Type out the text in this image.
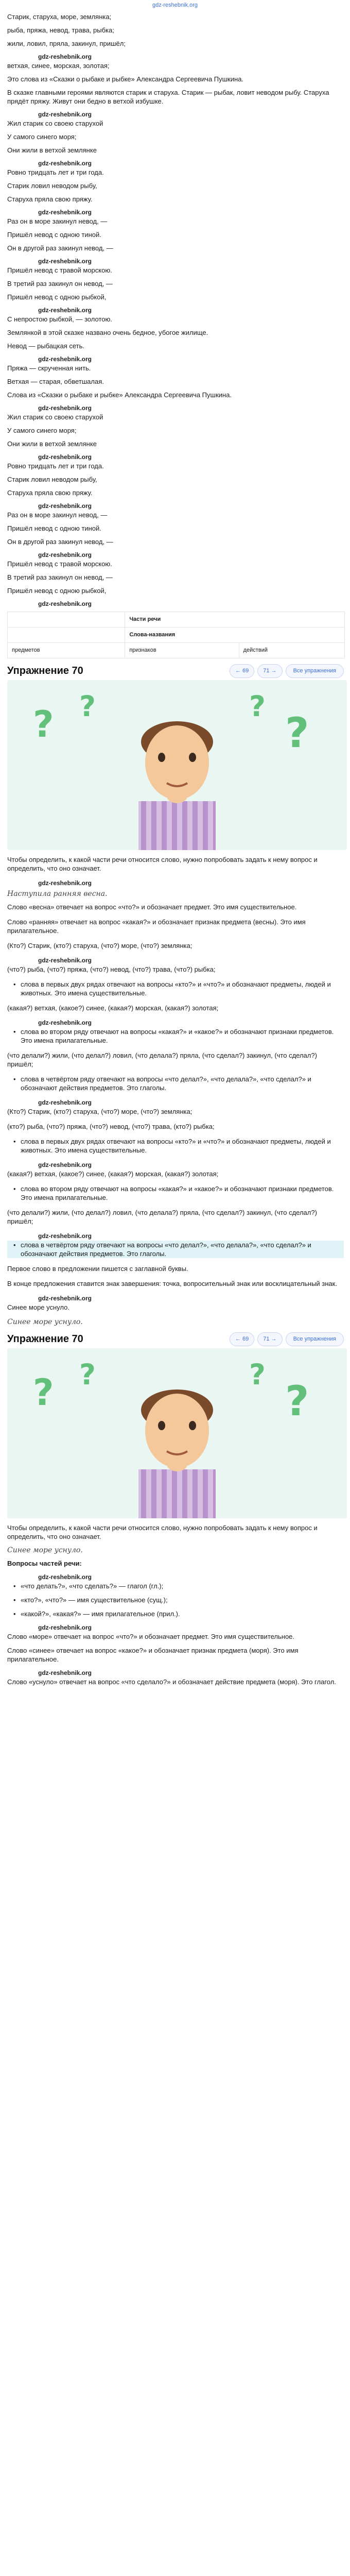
gdz-reshebnik.org
Старик, старуха, море, землянка;
рыба, пряжа, невод, трава, рыбка;
жили, ловил, пряла, закинул, пришёл;
gdz-reshebnik.org
ветхая, синее, морская, золотая;
Это слова из «Сказки о рыбаке и рыбке» Александра Сергеевича Пушкина.
В сказке главными героями являются старик и старуха. Старик — рыбак, ловит неводом рыбу. Старуха прядёт пряжу. Живут они бедно в ветхой избушке.
gdz-reshebnik.org
Жил старик со своею старухой
У самого синего моря;
Они жили в ветхой землянке
gdz-reshebnik.org
Ровно тридцать лет и три года.
Старик ловил неводом рыбу,
Старуха пряла свою пряжу.
gdz-reshebnik.org
Раз он в море закинул невод, —
Пришёл невод с одною тиной.
Он в другой раз закинул невод, —
gdz-reshebnik.org
Пришёл невод с травой морскою.
В третий раз закинул он невод, —
Пришёл невод с одною рыбкой,
gdz-reshebnik.org
С непростою рыбкой, — золотою.
Землянкой в этой сказке названо очень бедное, убогое жилище.
Невод — рыбацкая сеть.
gdz-reshebnik.org
Пряжа — скрученная нить.
Ветхая — старая, обветшалая.
Слова из «Сказки о рыбаке и рыбке» Александра Сергеевича Пушкина.
gdz-reshebnik.org
Жил старик со своею старухой
У самого синего моря;
Они жили в ветхой землянке
gdz-reshebnik.org
Ровно тридцать лет и три года.
Старик ловил неводом рыбу,
Старуха пряла свою пряжу.
gdz-reshebnik.org
Раз он в море закинул невод, —
Пришёл невод с одною тиной.
Он в другой раз закинул невод, —
gdz-reshebnik.org
Пришёл невод с травой морскою.
В третий раз закинул он невод, —
Пришёл невод с одною рыбкой,
gdz-reshebnik.org
	Части речи	
	Слова-названия	
предметов	признаков	действий
Упражнение 70	← 69	71 →	Все упражнения
? ?	?
?
Чтобы определить, к какой части речи относится слово, нужно попробовать задать к нему вопрос и определить, что оно означает.
gdz-reshebnik.org
Наступила ранняя весна.
Слово «весна» отвечает на вопрос «что?» и обозначает предмет. Это имя существительное.
Слово «ранняя» отвечает на вопрос «какая?» и обозначает признак предмета (весны). Это имя прилагательное.
(Кто?) Старик, (кто?) старуха, (что?) море, (что?) землянка;
gdz-reshebnik.org
(что?) рыба, (что?) пряжа, (что?) невод, (что?) трава, (что?) рыбка;
• слова в первых двух рядах отвечают на вопросы «кто?» и «что?» и обозначают предметы, людей и животных. Это имена существительные.
(какая?) ветхая, (какое?) синее, (какая?) морская, (какая?) золотая;
gdz-reshebnik.org
• слова во втором ряду отвечают на вопросы «какая?» и «какое?» и обозначают признаки предметов. Это имена прилагательные.
(что делали?) жили, (что делал?) ловил, (что делала?) пряла, (что сделал?) закинул, (что сделал?) пришёл;
• слова в четвёртом ряду отвечают на вопросы «что делал?», «что делала?», «что сделал?» и обозначают действия предметов. Это глаголы.
gdz-reshebnik.org
(Кто?) Старик, (кто?) старуха, (что?) море, (что?) землянка;
(кто?) рыба, (что?) пряжа, (что?) невод, (что?) трава, (кто?) рыбка;
• слова в первых двух рядах отвечают на вопросы «кто?» и «что?» и обозначают предметы, людей и животных. Это имена существительные.
gdz-reshebnik.org
(какая?) ветхая, (какое?) синее, (какая?) морская, (какая?) золотая;
• слова во втором ряду отвечают на вопросы «какая?» и «какое?» и обозначают признаки предметов. Это имена прилагательные.
(что делали?) жили, (что делал?) ловил, (что делала?) пряла, (что сделал?) закинул, (что сделал?) пришёл;
gdz-reshebnik.org
• слова в четвёртом ряду отвечают на вопросы «что делал?», «что делала?», «что сделал?» и обозначают действия предметов. Это глаголы.
Первое слово в предложении пишется с заглавной буквы.
В конце предложения ставится знак завершения: точка, вопросительный знак или восклицательный знак.
gdz-reshebnik.org
Синее море уснуло.
Синее море уснуло.
Упражнение 70	← 69	71 →	Все упражнения
? ?	?
?
Чтобы определить, к какой части речи относится слово, нужно попробовать задать к нему вопрос и определить, что оно означает.
Синее море уснуло.
Вопросы частей речи:
gdz-reshebnik.org
• «что делать?», «что сделать?» — глагол (гл.);
• «кто?», «что?» — имя существительное (сущ.);
• «какой?», «какая?» — имя прилагательное (прил.).
gdz-reshebnik.org
Слово «море» отвечает на вопрос «что?» и обозначает предмет. Это имя существительное.
Слово «синее» отвечает на вопрос «какое?» и обозначает признак предмета (моря). Это имя прилагательное.
gdz-reshebnik.org
Слово «уснуло» отвечает на вопрос «что сделало?» и обозначает действие предмета (моря). Это глагол.
